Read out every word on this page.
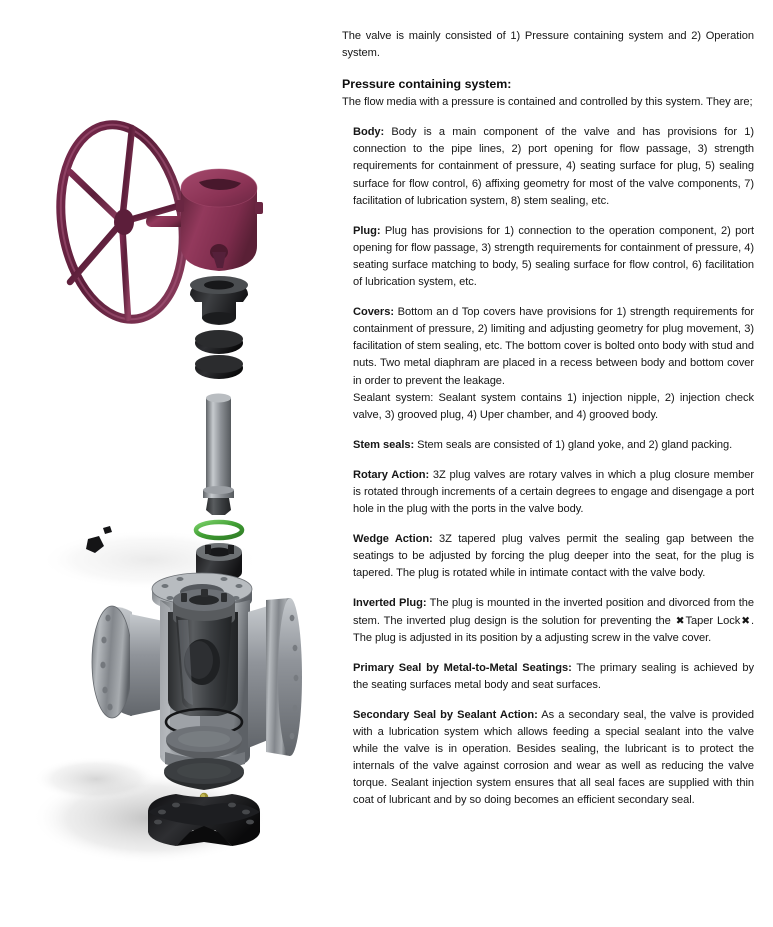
The valve is mainly consisted of 1) Pressure containing system and 2) Operation system.

Pressure containing system:

The flow media with a pressure is contained and controlled by this system. They are;

Body: Body is a main component of the valve and has provisions for 1) connection to the pipe lines, 2) port opening for flow passage, 3) strength requirements for containment of pressure, 4) seating surface for plug, 5) sealing surface for flow control, 6) affixing geometry for most of the valve components, 7) facilitation of lubrication system, 8) stem sealing, etc.

Plug: Plug has provisions for 1) connection to the operation component, 2) port opening for flow passage, 3) strength requirements for containment of pressure, 4) seating surface matching to body, 5) sealing surface for flow control, 6) facilitation of lubrication system, etc.

Covers: Bottom an d Top covers have provisions for 1) strength requirements for containment of pressure, 2) limiting and adjusting geometry for plug movement, 3) facilitation of stem sealing, etc. The bottom cover is bolted onto body with stud and nuts. Two metal diaphram are placed in a recess between body and bottom cover in order to prevent the leakage.

Sealant system: Sealant system contains 1) injection nipple, 2) injection check valve, 3) grooved plug, 4) Uper chamber, and 4) grooved body.

Stem seals: Stem seals are consisted of 1) gland yoke, and 2) gland packing.

Rotary Action: 3Z plug valves are rotary valves in which a plug closure member is rotated through increments of a certain degrees to engage and disengage a port hole in the plug with the ports in the valve body.

Wedge Action: 3Z tapered plug valves permit the sealing gap between the seatings to be adjusted by forcing the plug deeper into the seat, for the plug is tapered. The plug is rotated while in intimate contact with the valve body.

Inverted Plug: The plug is mounted in the inverted position and divorced from the stem. The inverted plug design is the solution for preventing the ✖Taper Lock✖. The plug is adjusted in its position by a adjusting screw in the valve cover.

Primary Seal by Metal-to-Metal Seatings: The primary sealing is achieved by the seating surfaces metal body and seat surfaces.

Secondary Seal by Sealant Action: As a secondary seal, the valve is provided with a lubrication system which allows feeding a special sealant into the valve while the valve is in operation. Besides sealing, the lubricant is to protect the internals of the valve against corrosion and wear as well as reducing the valve torque. Sealant injection system ensures that all seal faces are supplied with thin coat of lubricant and by so doing becomes an efficient secondary seal.
